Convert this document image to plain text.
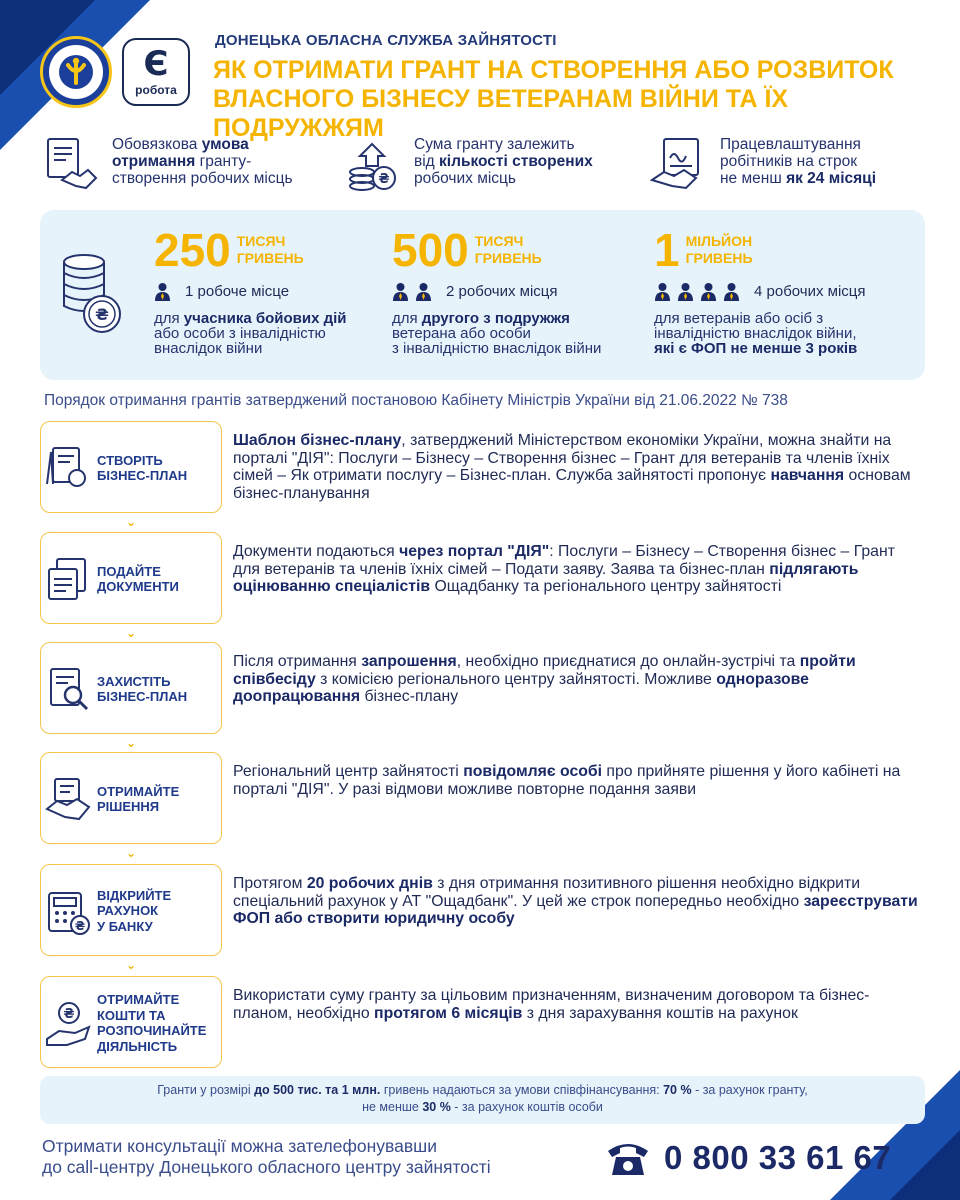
Є
робота
ДОНЕЦЬКА ОБЛАСНА СЛУЖБА ЗАЙНЯТОСТІ
ЯК ОТРИМАТИ ГРАНТ НА СТВОРЕННЯ АБО РОЗВИТОК
ВЛАСНОГО БІЗНЕСУ ВЕТЕРАНАМ ВІЙНИ ТА ЇХ ПОДРУЖЖЯМ
Обовязкова умова
отримання гранту-
створення робочих місць	₴
Сума гранту залежить
від кількості створених
робочих місць
Працевлаштування
робітників на строк
не менш як 24 місяці
₴
250 ТИСЯЧ
ГРИВЕНЬ
1 робоче місце
для учасника бойових дій
або особи з інвалідністю
внаслідок війни
500 ТИСЯЧ
ГРИВЕНЬ
2 робочих місця
для другого з подружжя
ветерана або особи
з інвалідністю внаслідок війни
1 МІЛЬЙОН
ГРИВЕНЬ
4 робочих місця
для ветеранів або осіб з
інвалідністю внаслідок війни,
які є ФОП не менше 3 років
Порядок отримання грантів затверджений постановою Кабінету Міністрів України від 21.06.2022 № 738
СТВОРІТЬ
БІЗНЕС-ПЛАН
Шаблон бізнес-плану, затверджений Міністерством економіки України, можна знайти на порталі "ДІЯ": Послуги – Бізнесу – Створення бізнес – Грант для ветеранів та членів їхніх сімей – Як отримати послугу – Бізнес-план. Служба зайнятості пропонує навчання основам бізнес-планування
⌄
ПОДАЙТЕ
ДОКУМЕНТИ
Документи подаються через портал "ДІЯ": Послуги – Бізнесу – Створення бізнес – Грант для ветеранів та членів їхніх сімей – Подати заяву. Заява та бізнес-план підлягають оцінюванню спеціалістів Ощадбанку та регіонального центру зайнятості
⌄
ЗАХИСТІТЬ
БІЗНЕС-ПЛАН
Після отримання запрошення, необхідно приєднатися до онлайн-зустрічі та пройти співбесіду з комісією регіонального центру зайнятості. Можливе одноразове доопрацювання бізнес-плану
⌄
ОТРИМАЙТЕ
РІШЕННЯ
Регіональний центр зайнятості повідомляє особі про прийняте рішення у його кабінеті на порталі "ДІЯ". У разі відмови можливе повторне подання заяви
⌄
₴
ВІДКРИЙТЕ
РАХУНОК
У БАНКУ
Протягом 20 робочих днів з дня отримання позитивного рішення необхідно відкрити спеціальний рахунок у АТ "Ощадбанк". У цей же строк попередньо необхідно зареєструвати ФОП або створити юридичну особу
⌄
₴
ОТРИМАЙТЕ
КОШТИ ТА
РОЗПОЧИНАЙТЕ ДІЯЛЬНІСТЬ
Використати суму гранту за цільовим призначенням, визначеним договором та бізнес-планом, необхідно протягом 6 місяців з дня зарахування коштів на рахунок
Гранти у розмірі до 500 тис. та 1 млн. гривень надаються за умови співфінансування: 70 % - за рахунок гранту,
не менше 30 % - за рахунок коштів особи
Отримати консультації можна зателефонувавши
до call-центру Донецького обласного центру зайнятості	0 800 33 61 67
